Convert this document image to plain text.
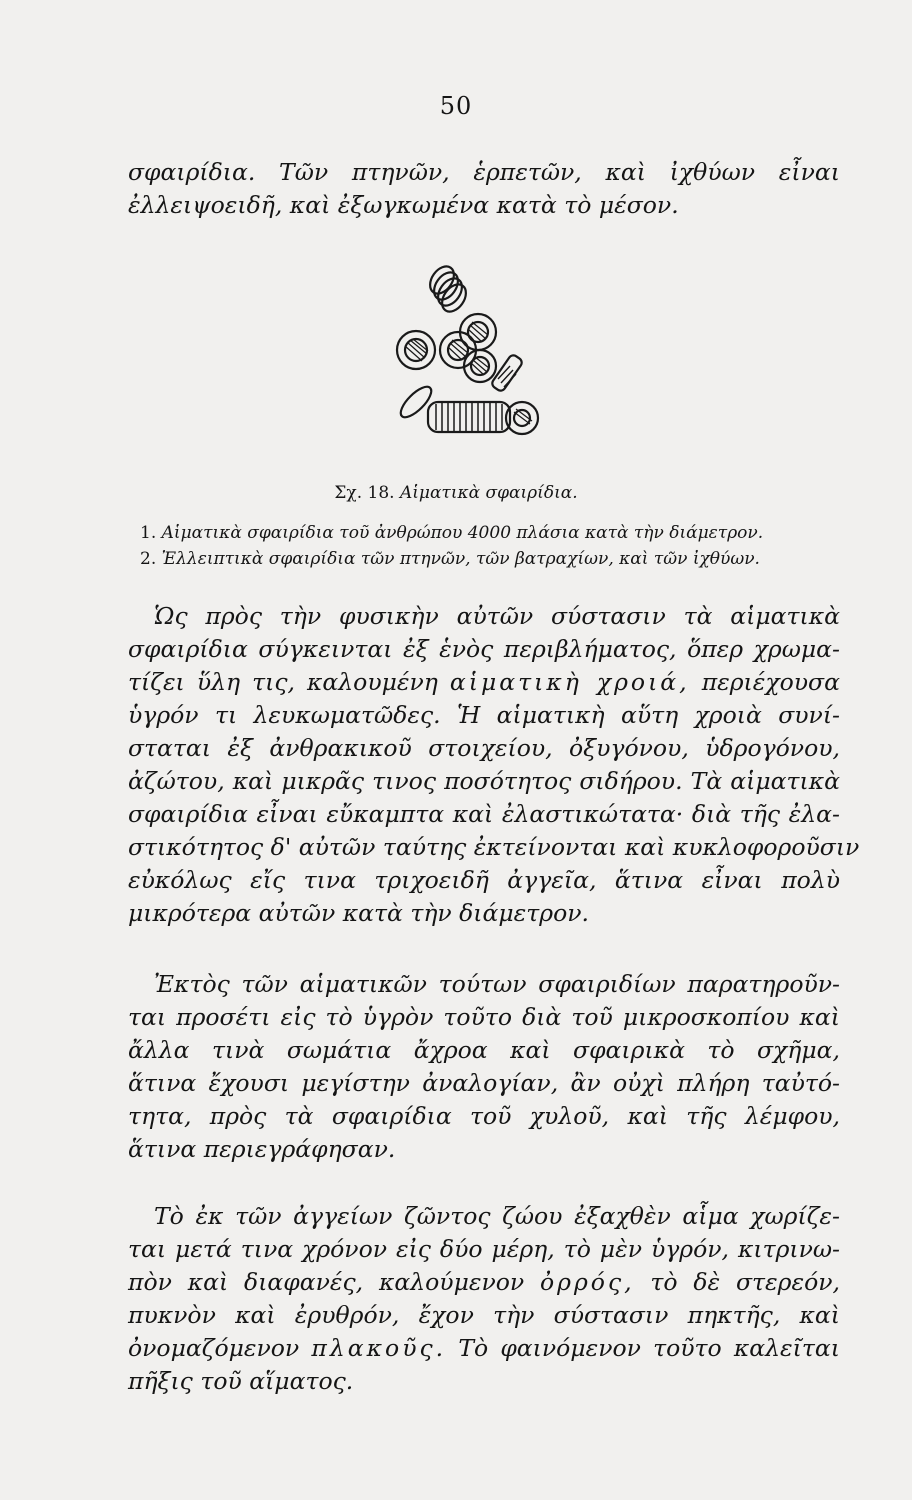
50
σφαιρίδια. Τῶν πτηνῶν, ἑρπετῶν, καὶ ἰχθύων εἶναι
ἐλλειψοειδῆ, καὶ ἐξωγκωμένα κατὰ τὸ μέσον.
Σχ. 18. Αἱματικὰ σφαιρίδια.
1. Αἱματικὰ σφαιρίδια τοῦ ἀνθρώπου 4000 πλάσια κατὰ τὴν διάμετρον.
2. Ἐλλειπτικὰ σφαιρίδια τῶν πτηνῶν, τῶν βατραχίων, καὶ τῶν ἰχθύων.
Ὡς πρὸς τὴν φυσικὴν αὐτῶν σύστασιν τὰ αἱματικὰ
σφαιρίδια σύγκεινται ἐξ ἑνὸς περιβλήματος, ὅπερ χρωμα-
τίζει ὕλη τις, καλουμένη αἱματικὴ χροιά, περιέχουσα
ὑγρόν τι λευκωματῶδες. Ἡ αἱματικὴ αὕτη χροιὰ συνί-
σταται ἐξ ἀνθρακικοῦ στοιχείου, ὀξυγόνου, ὑδρογόνου,
ἀζώτου, καὶ μικρᾶς τινος ποσότητος σιδήρου. Τὰ αἱματικὰ
σφαιρίδια εἶναι εὔκαμπτα καὶ ἐλαστικώτατα· διὰ τῆς ἐλα-
στικότητος δ' αὐτῶν ταύτης ἐκτείνονται καὶ κυκλοφοροῦσιν
εὐκόλως εἴς τινα τριχοειδῆ ἀγγεῖα, ἅτινα εἶναι πολὺ
μικρότερα αὐτῶν κατὰ τὴν διάμετρον.
Ἐκτὸς τῶν αἱματικῶν τούτων σφαιριδίων παρατηροῦν-
ται προσέτι εἰς τὸ ὑγρὸν τοῦτο διὰ τοῦ μικροσκοπίου καὶ
ἄλλα τινὰ σωμάτια ἄχροα καὶ σφαιρικὰ τὸ σχῆμα,
ἅτινα ἔχουσι μεγίστην ἀναλογίαν, ἂν οὐχὶ πλήρη ταὐτό-
τητα, πρὸς τὰ σφαιρίδια τοῦ χυλοῦ, καὶ τῆς λέμφου,
ἅτινα περιεγράφησαν.
Τὸ ἐκ τῶν ἀγγείων ζῶντος ζώου ἐξαχθὲν αἷμα χωρίζε-
ται μετά τινα χρόνον εἰς δύο μέρη, τὸ μὲν ὑγρόν, κιτρινω-
πὸν καὶ διαφανές, καλούμενον ὀρρός, τὸ δὲ στερεόν,
πυκνὸν καὶ ἐρυθρόν, ἔχον τὴν σύστασιν πηκτῆς, καὶ
ὀνομαζόμενον πλακοῦς. Τὸ φαινόμενον τοῦτο καλεῖται
πῆξις τοῦ αἵματος.
